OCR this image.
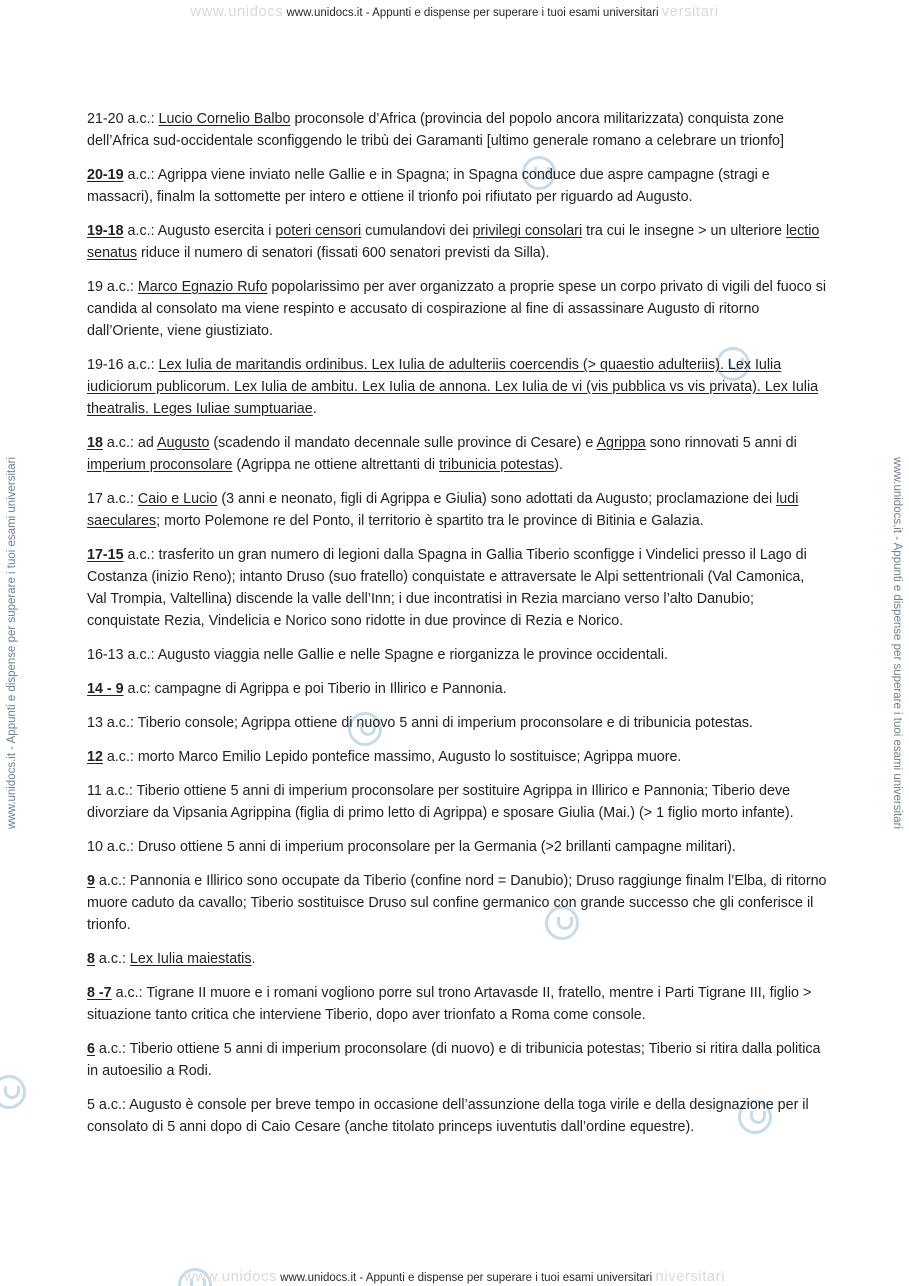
www.unidocs www.unidocs.it - Appunti e dispense per superare i tuoi esami universitari versitari
www.unidocs.it - Appunti e dispense per superare i tuoi esami universitari	www.unidocs.it - Appunti e dispense per superare i tuoi esami universitari

21-20 a.c.: Lucio Cornelio Balbo proconsole d’Africa (provincia del popolo ancora militarizzata) conquista zone dell’Africa sud-occidentale sconfiggendo le tribù dei Garamanti [ultimo generale romano a celebrare un trionfo]

20-19 a.c.: Agrippa viene inviato nelle Gallie e in Spagna; in Spagna conduce due aspre campagne (stragi e massacri), finalm la sottomette per intero e ottiene il trionfo poi rifiutato per riguardo ad Augusto.

19-18 a.c.: Augusto esercita i poteri censori cumulandovi dei privilegi consolari tra cui le insegne > un ulteriore lectio senatus riduce il numero di senatori (fissati 600 senatori previsti da Silla).

19 a.c.: Marco Egnazio Rufo popolarissimo per aver organizzato a proprie spese un corpo privato di vigili del fuoco si candida al consolato ma viene respinto e accusato di cospirazione al fine di assassinare Augusto di ritorno dall’Oriente, viene giustiziato.

19-16 a.c.: Lex Iulia de maritandis ordinibus. Lex Iulia de adulteriis coercendis (> quaestio adulteriis). Lex Iulia iudiciorum publicorum. Lex Iulia de ambitu. Lex Iulia de annona. Lex Iulia de vi (vis pubblica vs vis privata). Lex Iulia theatralis. Leges Iuliae sumptuariae.

18 a.c.: ad Augusto (scadendo il mandato decennale sulle province di Cesare) e Agrippa sono rinnovati 5 anni di imperium proconsolare (Agrippa ne ottiene altrettanti di tribunicia potestas).

17 a.c.: Caio e Lucio (3 anni e neonato, figli di Agrippa e Giulia) sono adottati da Augusto; proclamazione dei ludi saeculares; morto Polemone re del Ponto, il territorio è spartito tra le province di Bitinia e Galazia.

17-15 a.c.: trasferito un gran numero di legioni dalla Spagna in Gallia Tiberio sconfigge i Vindelici presso il Lago di Costanza (inizio Reno); intanto Druso (suo fratello) conquistate e attraversate le Alpi settentrionali (Val Camonica, Val Trompia, Valtellina) discende la valle dell’Inn; i due incontratisi in Rezia marciano verso l’alto Danubio; conquistate Rezia, Vindelicia e Norico sono ridotte in due province di Rezia e Norico.

16-13 a.c.: Augusto viaggia nelle Gallie e nelle Spagne e riorganizza le province occidentali.

14 - 9 a.c: campagne di Agrippa e poi Tiberio in Illirico e Pannonia.

13 a.c.: Tiberio console; Agrippa ottiene di nuovo 5 anni di imperium proconsolare e di tribunicia potestas.

12 a.c.: morto Marco Emilio Lepido pontefice massimo, Augusto lo sostituisce; Agrippa muore.

11 a.c.: Tiberio ottiene 5 anni di imperium proconsolare per sostituire Agrippa in Illirico e Pannonia; Tiberio deve divorziare da Vipsania Agrippina (figlia di primo letto di Agrippa) e sposare Giulia (Mai.) (> 1 figlio morto infante).

10 a.c.: Druso ottiene 5 anni di imperium proconsolare per la Germania (>2 brillanti campagne militari).

9 a.c.: Pannonia e Illirico sono occupate da Tiberio (confine nord = Danubio); Druso raggiunge finalm l’Elba, di ritorno muore caduto da cavallo; Tiberio sostituisce Druso sul confine germanico con grande successo che gli conferisce il trionfo.

8 a.c.: Lex Iulia maiestatis.

8 -7 a.c.: Tigrane II muore e i romani vogliono porre sul trono Artavasde II, fratello, mentre i Parti Tigrane III, figlio > situazione tanto critica che interviene Tiberio, dopo aver trionfato a Roma come console.

6 a.c.: Tiberio ottiene 5 anni di imperium proconsolare (di nuovo) e di tribunicia potestas; Tiberio si ritira dalla politica in autoesilio a Rodi.

5 a.c.: Augusto è console per breve tempo in occasione dell’assunzione della toga virile e della designazione per il consolato di 5 anni dopo di Caio Cesare (anche titolato princeps iuventutis dall’ordine equestre).

www.unidocs www.unidocs.it - Appunti e dispense per superare i tuoi esami universitari niversitari
